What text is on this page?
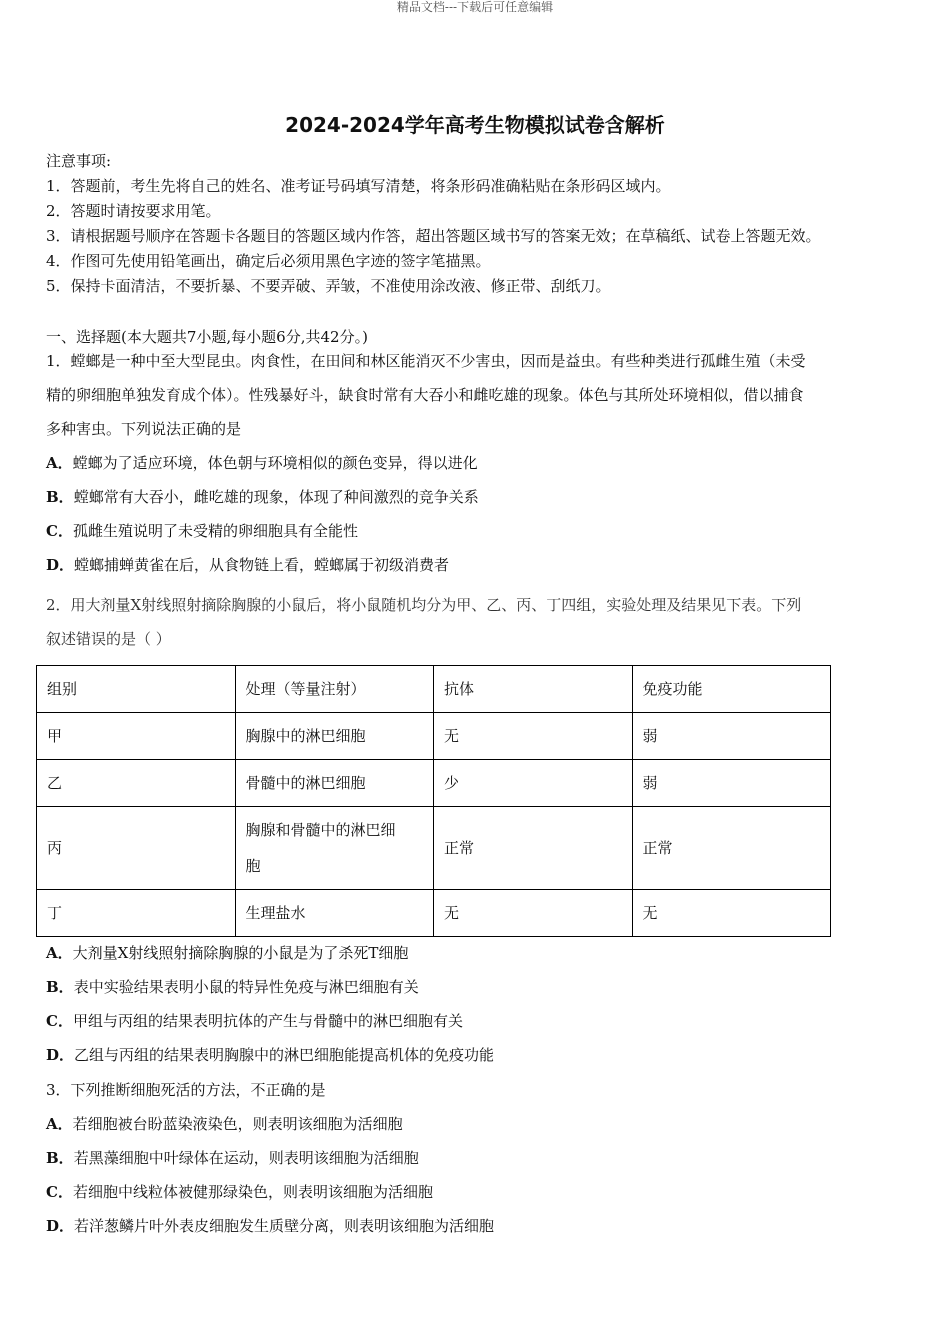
精品文档---下载后可任意编辑
2024-2024学年高考生物模拟试卷含解析
注意事项:
1．答题前，考生先将自己的姓名、准考证号码填写清楚，将条形码准确粘贴在条形码区域内。
2．答题时请按要求用笔。
3．请根据题号顺序在答题卡各题目的答题区域内作答，超出答题区域书写的答案无效；在草稿纸、试卷上答题无效。
4．作图可先使用铅笔画出，确定后必须用黑色字迹的签字笔描黑。
5．保持卡面清洁，不要折暴、不要弄破、弄皱，不准使用涂改液、修正带、刮纸刀。
一、选择题(本大题共7小题,每小题6分,共42分。)
1．螳螂是一种中至大型昆虫。肉食性，在田间和林区能消灭不少害虫，因而是益虫。有些种类进行孤雌生殖（未受
精的卵细胞单独发育成个体）。性残暴好斗，缺食时常有大吞小和雌吃雄的现象。体色与其所处环境相似，借以捕食
多种害虫。下列说法正确的是
A．螳螂为了适应环境，体色朝与环境相似的颜色变异，得以进化
B．螳螂常有大吞小，雌吃雄的现象，体现了种间激烈的竞争关系
C．孤雌生殖说明了未受精的卵细胞具有全能性
D．螳螂捕蝉黄雀在后，从食物链上看，螳螂属于初级消费者
2．用大剂量X射线照射摘除胸腺的小鼠后，将小鼠随机均分为甲、乙、丙、丁四组，实验处理及结果见下表。下列
叙述错误的是（ ）
组别	处理（等量注射）	抗体	免疫功能
甲	胸腺中的淋巴细胞	无	弱
乙	骨髓中的淋巴细胞	少	弱
丙	胸腺和骨髓中的淋巴细
胞	正常	正常
丁	生理盐水	无	无
A．大剂量X射线照射摘除胸腺的小鼠是为了杀死T细胞
B．表中实验结果表明小鼠的特异性免疫与淋巴细胞有关
C．甲组与丙组的结果表明抗体的产生与骨髓中的淋巴细胞有关
D．乙组与丙组的结果表明胸腺中的淋巴细胞能提高机体的免疫功能
3．下列推断细胞死活的方法，不正确的是
A．若细胞被台盼蓝染液染色，则表明该细胞为活细胞
B．若黑藻细胞中叶绿体在运动，则表明该细胞为活细胞
C．若细胞中线粒体被健那绿染色，则表明该细胞为活细胞
D．若洋葱鳞片叶外表皮细胞发生质壁分离，则表明该细胞为活细胞
